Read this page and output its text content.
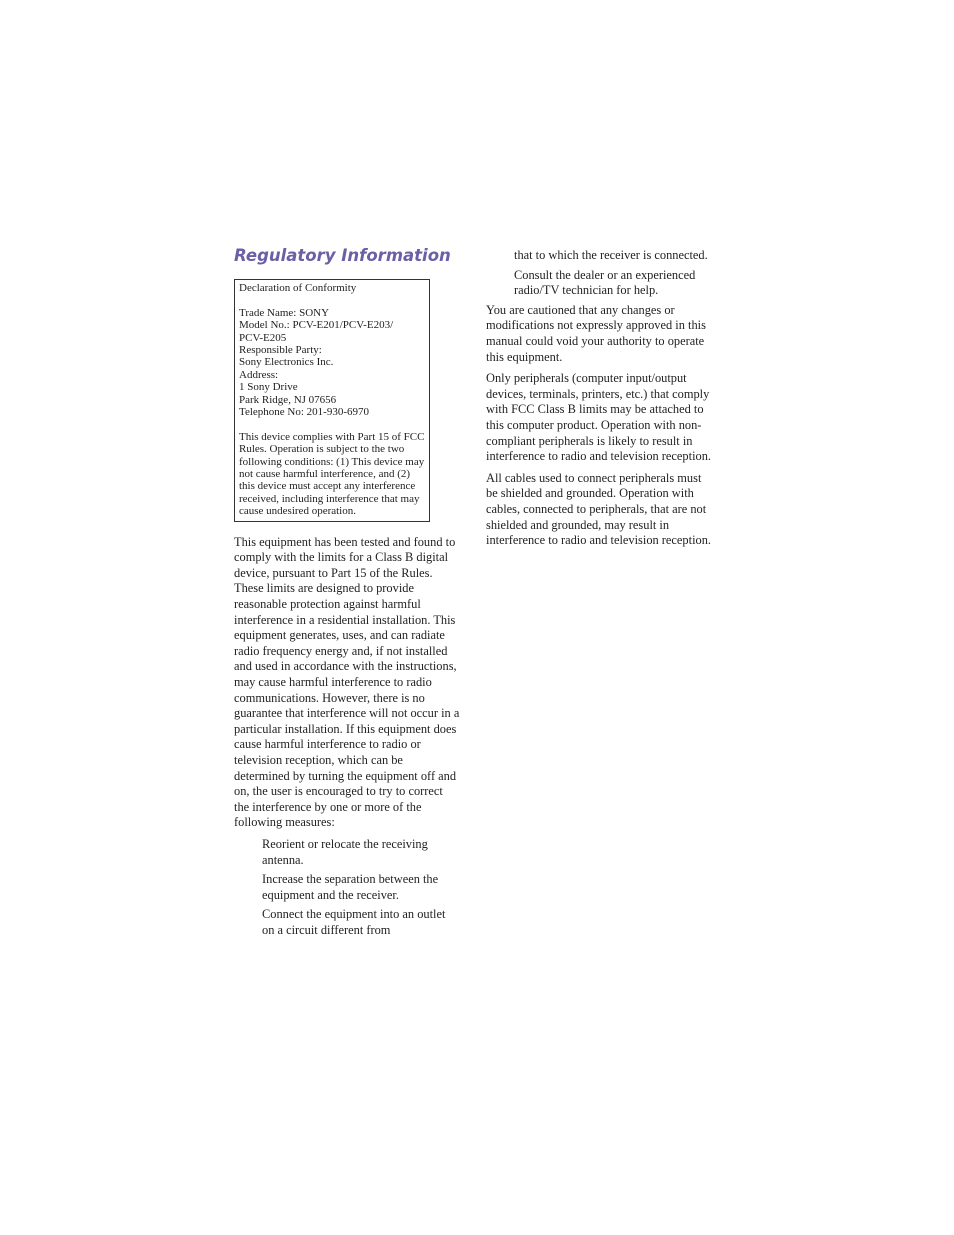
Regulatory Information
Declaration of Conformity
Trade Name: SONY
Model No.: PCV-E201/PCV-E203/
PCV-E205
Responsible Party:
Sony Electronics Inc.
Address:
1 Sony Drive
Park Ridge, NJ 07656
Telephone No: 201-930-6970
This device complies with Part 15 of FCC Rules. Operation is subject to the two following conditions: (1) This device may not cause harmful interference, and (2) this device must accept any interference received, including interference that may cause undesired operation.

This equipment has been tested and found to comply with the limits for a Class B digital device, pursuant to Part 15 of the Rules. These limits are designed to provide reasonable protection against harmful interference in a residential installation. This equipment generates, uses, and can radiate radio frequency energy and, if not installed and used in accordance with the instructions, may cause harmful interference to radio communications. However, there is no guarantee that interference will not occur in a particular installation. If this equipment does cause harmful interference to radio or television reception, which can be determined by turning the equipment off and on, the user is encouraged to try to correct the interference by one or more of the following measures:

Reorient or relocate the receiving antenna.

Increase the separation between the equipment and the receiver.

Connect the equipment into an outlet on a circuit different from

that to which the receiver is connected.

Consult the dealer or an experienced radio/TV technician for help.

You are cautioned that any changes or modifications not expressly approved in this manual could void your authority to operate this equipment.

Only peripherals (computer input/output devices, terminals, printers, etc.) that comply with FCC Class B limits may be attached to this computer product. Operation with non-compliant peripherals is likely to result in interference to radio and television reception.

All cables used to connect peripherals must be shielded and grounded. Operation with cables, connected to peripherals, that are not shielded and grounded, may result in interference to radio and television reception.
